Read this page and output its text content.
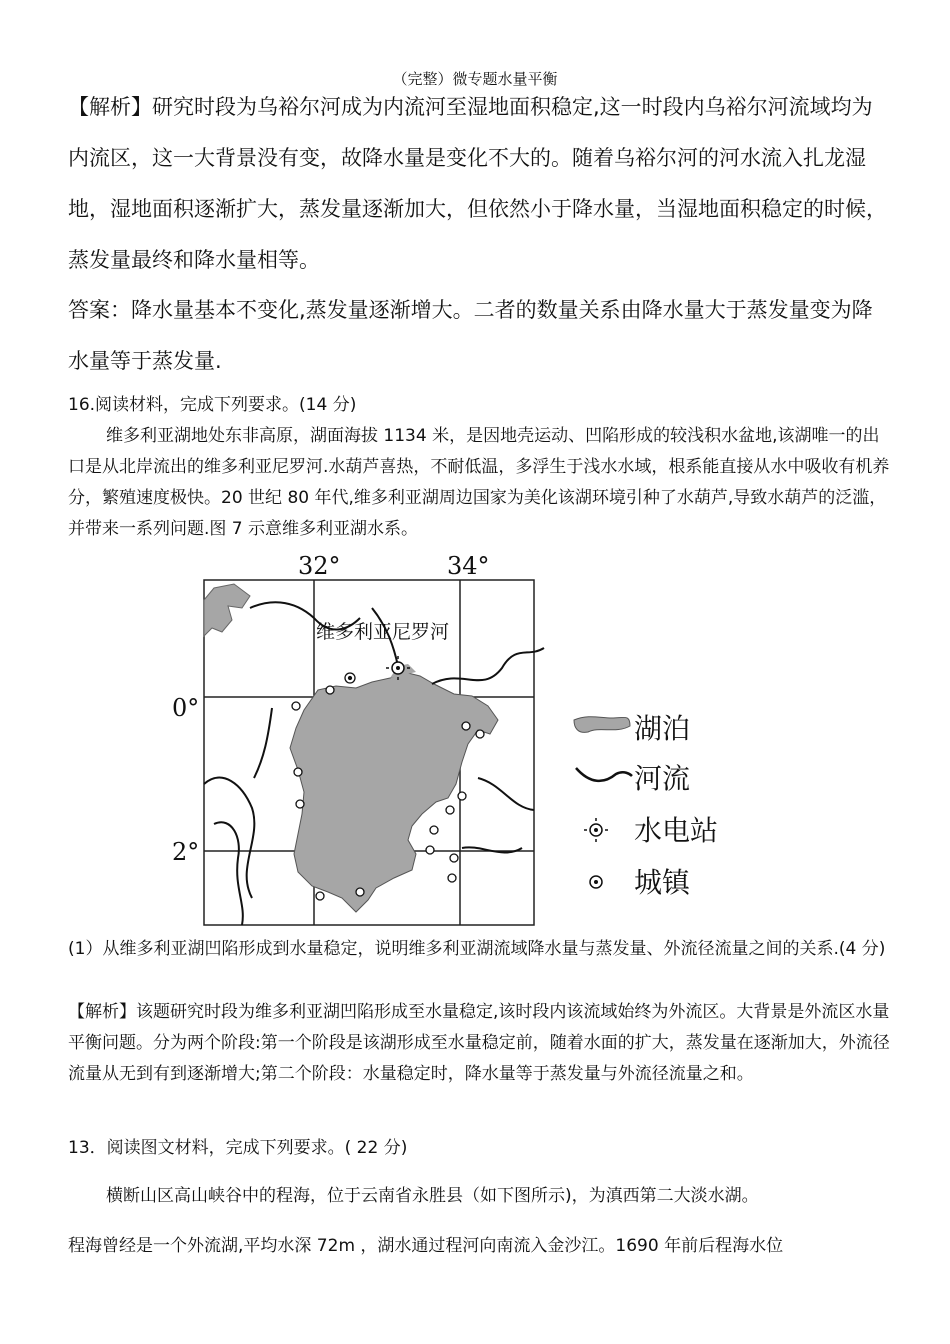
（完整）微专题水量平衡

【解析】研究时段为乌裕尔河成为内流河至湿地面积稳定,这一时段内乌裕尔河流域均为内流区，这一大背景没有变，故降水量是变化不大的。随着乌裕尔河的河水流入扎龙湿地，湿地面积逐渐扩大，蒸发量逐渐加大，但依然小于降水量，当湿地面积稳定的时候，蒸发量最终和降水量相等。

答案：降水量基本不变化,蒸发量逐渐增大。二者的数量关系由降水量大于蒸发量变为降水量等于蒸发量.

16.阅读材料，完成下列要求。(14 分)

维多利亚湖地处东非高原，湖面海拔 1134 米，是因地壳运动、凹陷形成的较浅积水盆地,该湖唯一的出口是从北岸流出的维多利亚尼罗河.水葫芦喜热，不耐低温，多浮生于浅水水域，根系能直接从水中吸收有机养分，繁殖速度极快。20 世纪 80 年代,维多利亚湖周边国家为美化该湖环境引种了水葫芦,导致水葫芦的泛滥，并带来一系列问题.图 7 示意维多利亚湖水系。

32°	34°
0°
2°
维多利亚尼罗河
湖泊
河流
水电站
城镇

(1）从维多利亚湖凹陷形成到水量稳定，说明维多利亚湖流域降水量与蒸发量、外流径流量之间的关系.(4 分)

【解析】该题研究时段为维多利亚湖凹陷形成至水量稳定,该时段内该流域始终为外流区。大背景是外流区水量平衡问题。分为两个阶段:第一个阶段是该湖形成至水量稳定前，随着水面的扩大，蒸发量在逐渐加大，外流径流量从无到有到逐渐增大;第二个阶段：水量稳定时，降水量等于蒸发量与外流径流量之和。

13．阅读图文材料，完成下列要求。( 22 分)

横断山区高山峡谷中的程海，位于云南省永胜县（如下图所示)，为滇西第二大淡水湖。

程海曾经是一个外流湖,平均水深 72m ，湖水通过程河向南流入金沙江。1690 年前后程海水位
